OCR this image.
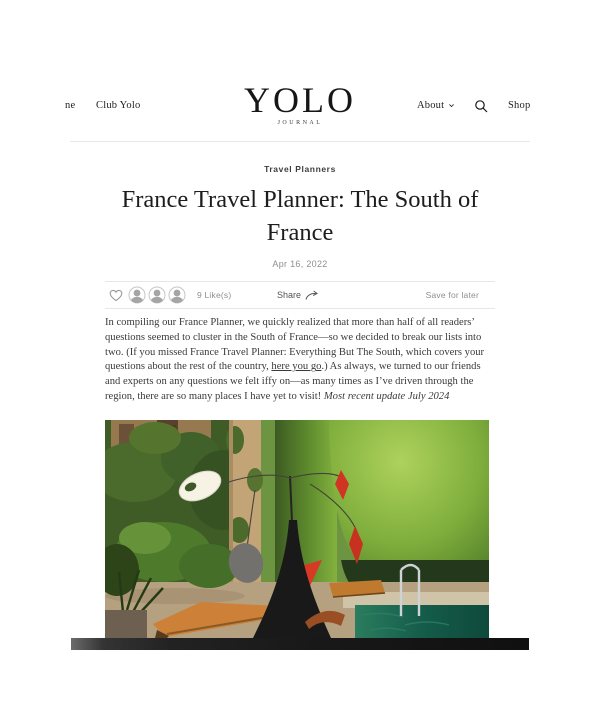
ne Club Yolo	YOLO
JOURNAL
About	Shop
Travel Planners
France Travel Planner: The South of
France
Apr 16, 2022
9 Like(s)	Share	Save for later

In compiling our France Planner, we quickly realized that more than half of all readers’ questions seemed to cluster in the South of France—so we decided to break our lists into two. (If you missed France Travel Planner: Everything But The South, which covers your questions about the rest of the country, here you go.) As always, we turned to our friends and experts on any questions we felt iffy on—as many times as I’ve driven through the region, there are so many places I have yet to visit! Most recent update July 2024
